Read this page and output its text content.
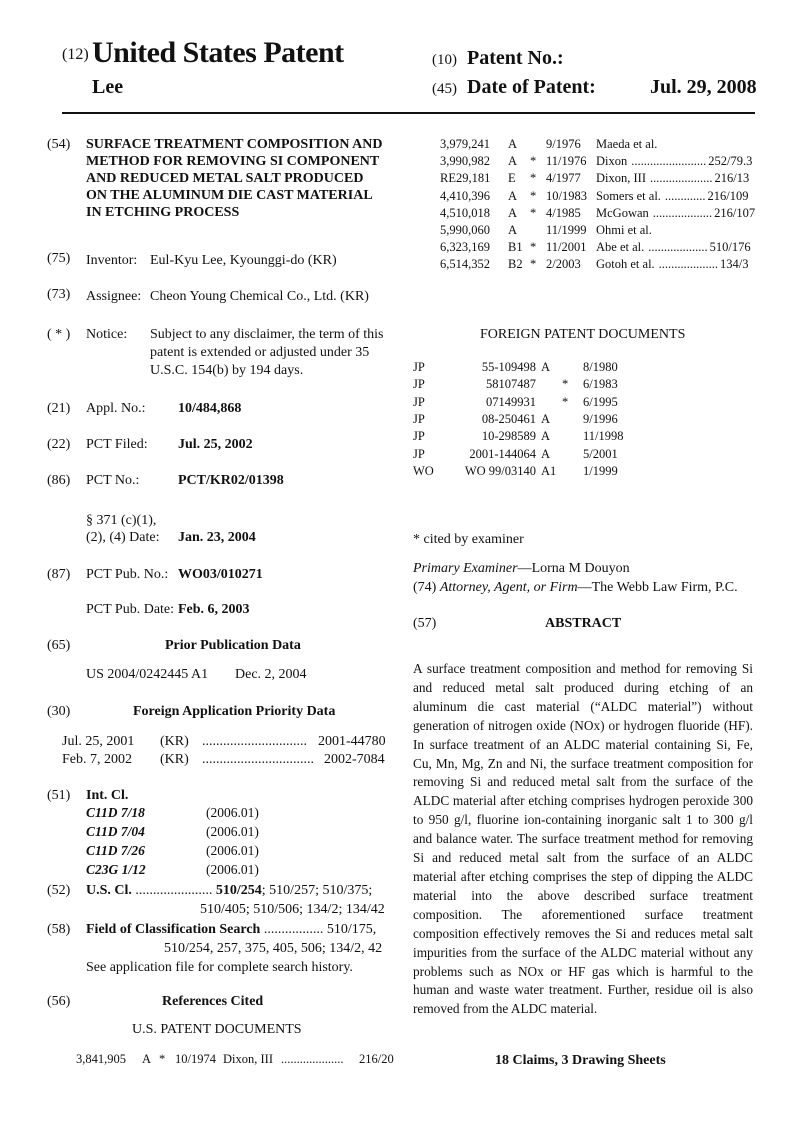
(12) United States Patent
Lee
(10) Patent No.:
(45) Date of Patent:	Jul. 29, 2008
(54) SURFACE TREATMENT COMPOSITION AND
METHOD FOR REMOVING SI COMPONENT
AND REDUCED METAL SALT PRODUCED
ON THE ALUMINUM DIE CAST MATERIAL
IN ETCHING PROCESS
(75) Inventor: Eul-Kyu Lee, Kyounggi-do (KR)
(73) Assignee: Cheon Young Chemical Co., Ltd. (KR)
( * ) Notice: Subject to any disclaimer, the term of this
patent is extended or adjusted under 35
U.S.C. 154(b) by 194 days.
(21) Appl. No.: 10/484,868
(22) PCT Filed: Jul. 25, 2002
(86) PCT No.:	PCT/KR02/01398
§ 371 (c)(1),
(2), (4) Date: Jan. 23, 2004
(87) PCT Pub. No.: WO03/010271
PCT Pub. Date: Feb. 6, 2003
(65)	Prior Publication Data
US 2004/0242445 A1 Dec. 2, 2004
(30)	Foreign Application Priority Data
Jul. 25, 2001 (KR) .............................. 2001-44780
Feb. 7, 2002 (KR) ................................ 2002-7084
(51) Int. Cl.
C11D 7/18	(2006.01)
C11D 7/04	(2006.01)
C11D 7/26	(2006.01)
C23G 1/12	(2006.01)
(52) U.S. Cl. ...................... 510/254; 510/257; 510/375;
510/405; 510/506; 134/2; 134/42
(58) Field of Classification Search ................. 510/175,
510/254, 257, 375, 405, 506; 134/2, 42
See application file for complete search history.
(56)	References Cited
U.S. PATENT DOCUMENTS
3,841,905 A * 10/1974 Dixon, III .................... 216/20
3,979,241 A 9/1976 Maeda et al.
3,990,982 A * 11/1976 Dixon ........................ 252/79.3
RE29,181 E * 4/1977 Dixon, III .................... 216/13
4,410,396 A * 10/1983 Somers et al. ............. 216/109
4,510,018 A * 4/1985 McGowan ................... 216/107
5,990,060 A 11/1999 Ohmi et al.
6,323,169 B1 * 11/2001 Abe et al. ................... 510/176
6,514,352 B2 * 2/2003 Gotoh et al. ................... 134/3
FOREIGN PATENT DOCUMENTS
JP	55-109498 A	8/1980
JP	58107487 * 6/1983
JP	07149931 * 6/1995
JP	08-250461 A	9/1996
JP	10-298589 A	11/1998
JP	2001-144064 A	5/2001
WO WO 99/03140 A1 1/1999
* cited by examiner
Primary Examiner—Lorna M Douyon
(74) Attorney, Agent, or Firm—The Webb Law Firm, P.C.
(57)	ABSTRACT
A surface treatment composition and method for removing Si and reduced metal salt produced during etching of an aluminum die cast material (“ALDC material”) without generation of nitrogen oxide (NOx) or hydrogen fluoride (HF). In surface treatment of an ALDC material containing Si, Fe, Cu, Mn, Mg, Zn and Ni, the surface treatment composition for removing Si and reduced metal salt from the surface of the ALDC material after etching comprises hydrogen peroxide 300 to 950 g/l, fluorine ion-containing inorganic salt 1 to 300 g/l and balance water. The surface treatment method for removing Si and reduced metal salt from the surface of an ALDC material after etching comprises the step of dipping the ALDC material into the above described surface treatment composition. The aforementioned surface treatment composition effectively removes the Si and reduces metal salt impurities from the surface of the ALDC material without any problems such as NOx or HF gas which is harmful to the human and waste water treatment. Further, residue oil is also removed from the ALDC material.
18 Claims, 3 Drawing Sheets
